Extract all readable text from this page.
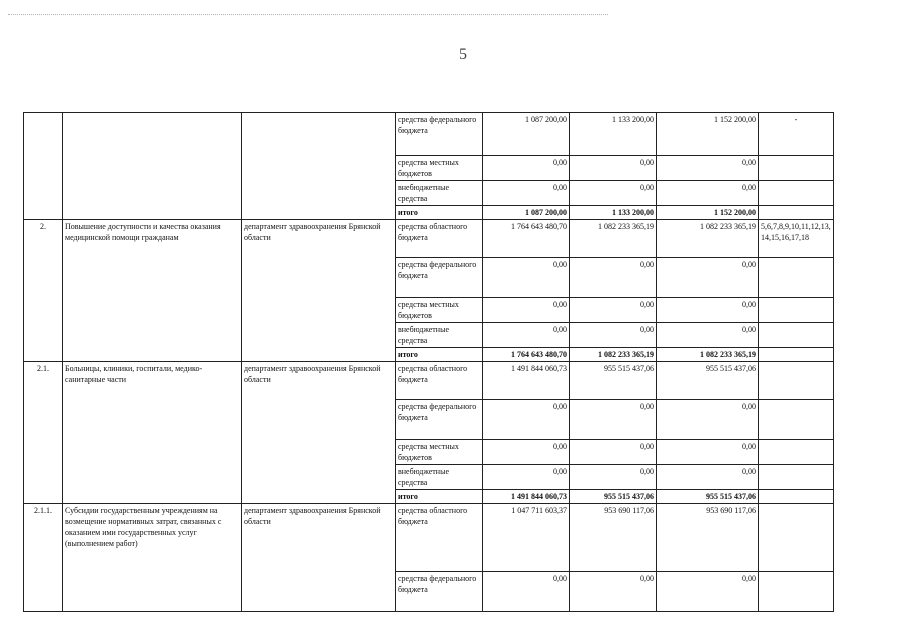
5
			средства федерального бюджета	1 087 200,00	1 133 200,00	1 152 200,00	-
			средства местных бюджетов	0,00	0,00	0,00	
			внебюджетные средства	0,00	0,00	0,00	
			итого	1 087 200,00	1 133 200,00	1 152 200,00	
2.	Повышение доступности и качества оказания медицинской помощи гражданам	департамент здравоохранения Брянской области	средства областного бюджета	1 764 643 480,70	1 082 233 365,19	1 082 233 365,19	5,6,7,8,9,10,11,12,13,14,15,16,17,18
			средства федерального бюджета	0,00	0,00	0,00	
			средства местных бюджетов	0,00	0,00	0,00	
			внебюджетные средства	0,00	0,00	0,00	
			итого	1 764 643 480,70	1 082 233 365,19	1 082 233 365,19	
2.1.	Больницы, клиники, госпитали, медико-санитарные части	департамент здравоохранения Брянской области	средства областного бюджета	1 491 844 060,73	955 515 437,06	955 515 437,06	
			средства федерального бюджета	0,00	0,00	0,00	
			средства местных бюджетов	0,00	0,00	0,00	
			внебюджетные средства	0,00	0,00	0,00	
			итого	1 491 844 060,73	955 515 437,06	955 515 437,06	
2.1.1.	Субсидии государственным учреждениям на возмещение нормативных затрат, связанных с оказанием ими государственных услуг (выполнением работ)	департамент здравоохранения Брянской области	средства областного бюджета	1 047 711 603,37	953 690 117,06	953 690 117,06	
			средства федерального бюджета	0,00	0,00	0,00	
